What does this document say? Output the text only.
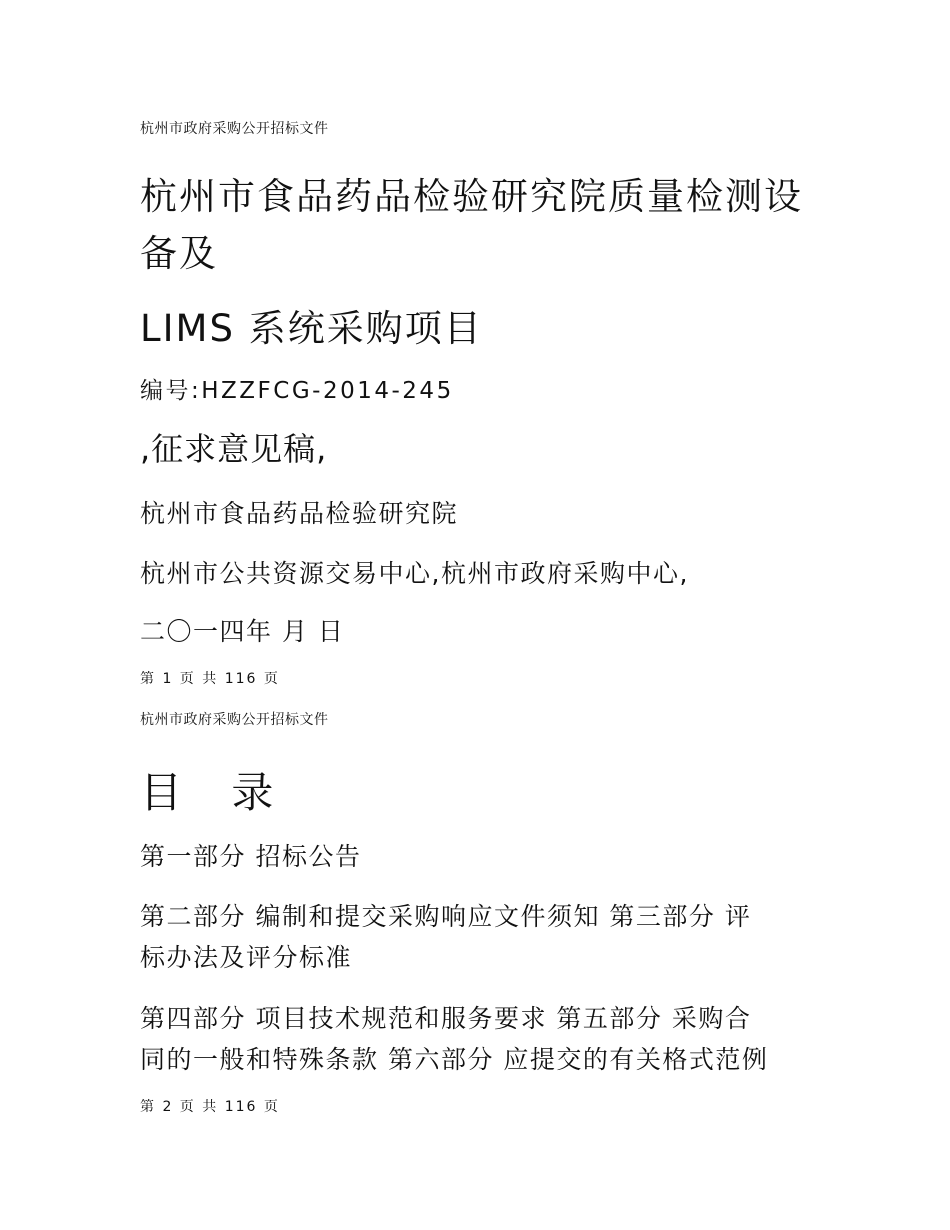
杭州市政府采购公开招标文件
杭州市食品药品检验研究院质量检测设
备及
LIMS 系统采购项目
编号:HZZFCG-2014-245
,征求意见稿,
杭州市食品药品检验研究院
杭州市公共资源交易中心,杭州市政府采购中心,
二〇一四年 月 日
第 1 页 共 116 页
杭州市政府采购公开招标文件
目 录
第一部分 招标公告
第二部分 编制和提交采购响应文件须知 第三部分 评
标办法及评分标准
第四部分 项目技术规范和服务要求 第五部分 采购合
同的一般和特殊条款 第六部分 应提交的有关格式范例
第 2 页 共 116 页
